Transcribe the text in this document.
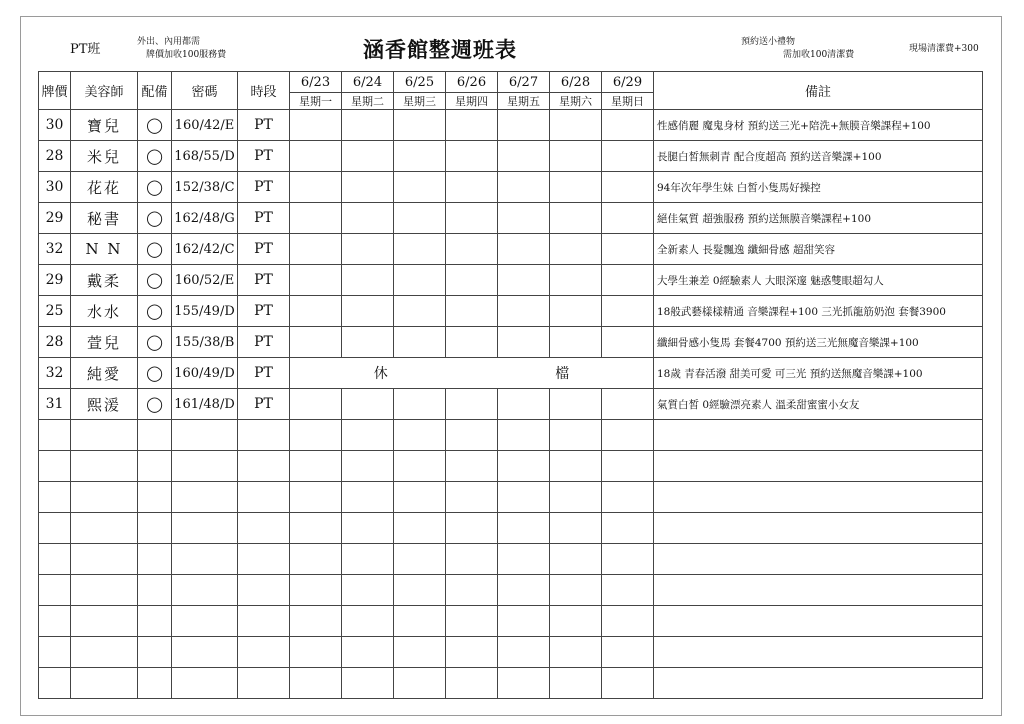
PT班	外出、內用都需
牌價加收100服務費	涵香館整週班表	預約送小禮物
需加收100清潔費
現場清潔費+300
牌價	美容師	配備	密碼	時段	6/23	6/24	6/25	6/26	6/27	6/28	6/29	備註
					星期一	星期二	星期三	星期四	星期五	星期六	星期日	
30	寶兒	◯	160/42/E	PT								性感俏麗 魔鬼身材 預約送三光+陪洗+無膜音樂課程+100
28	米兒	◯	168/55/D	PT								長腿白皙無刺青 配合度超高 預約送音樂課+100
30	花花	◯	152/38/C	PT								94年次年學生妹 白皙小隻馬好操控
29	秘書	◯	162/48/G	PT								絕佳氣質 超強服務 預約送無膜音樂課程+100
32	N N	◯	162/42/C	PT								全新素人 長髮飄逸 纖細骨感 超甜笑容
29	戴柔	◯	160/52/E	PT								大學生兼差 0經驗素人 大眼深邃 魅惑雙眼超勾人
25	水水	◯	155/49/D	PT								18般武藝樣樣精通 音樂課程+100 三光抓龍筋奶泡 套餐3900
28	萱兒	◯	155/38/B	PT								纖細骨感小隻馬 套餐4700 預約送三光無魔音樂課+100
32	純愛	◯	160/49/D	PT	休 檔							18歲 青春活潑 甜美可愛 可三光 預約送無魔音樂課+100
31	熙湲	◯	161/48/D	PT								氣質白皙 0經驗漂亮素人 溫柔甜蜜蜜小女友
